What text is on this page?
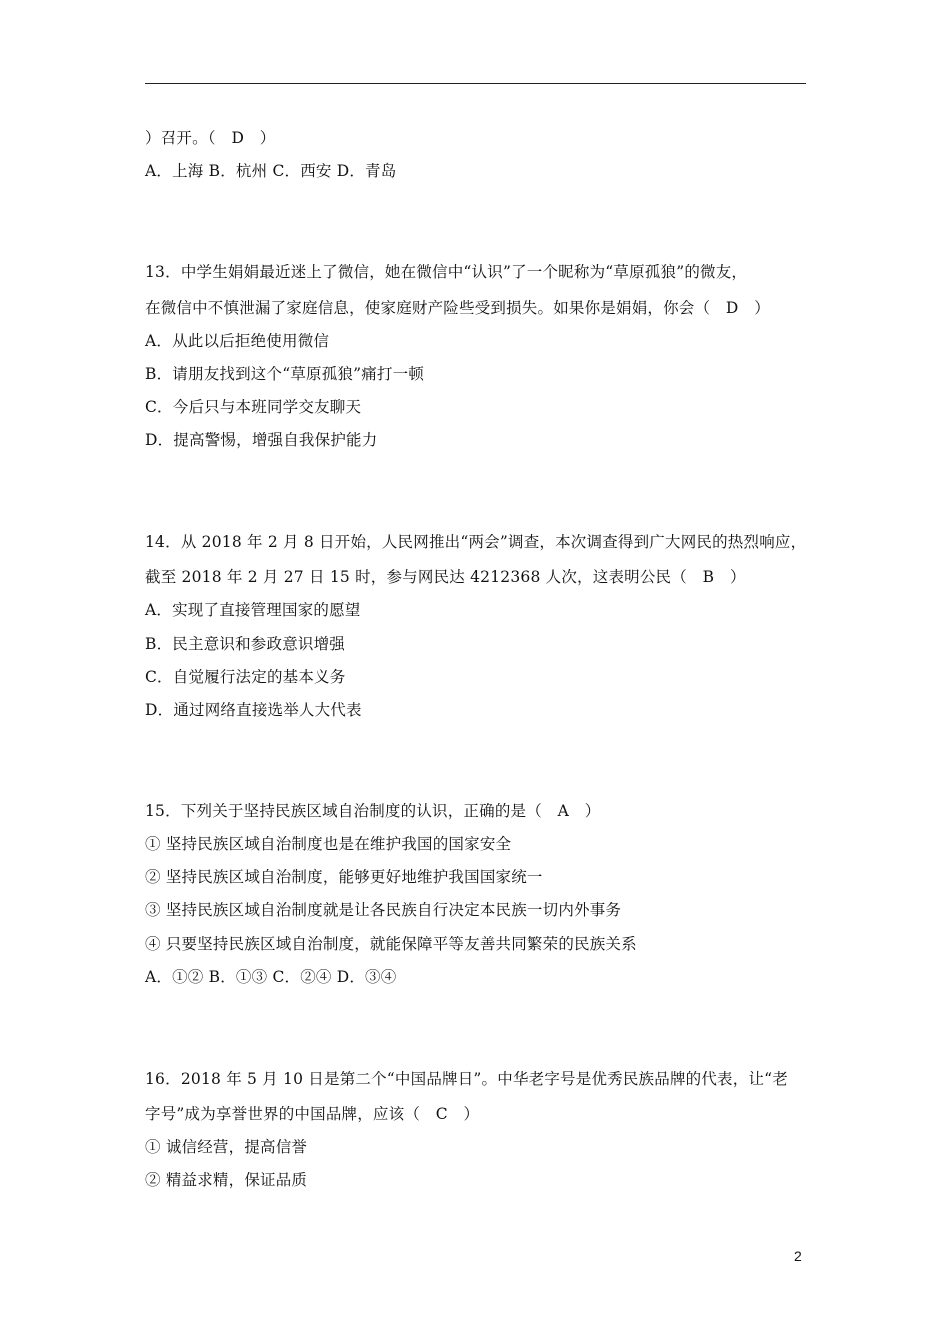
）召开。（　D　）
A．上海 B．杭州 C．西安 D．青岛
13．中学生娟娟最近迷上了微信，她在微信中“认识”了一个昵称为“草原孤狼”的微友，
在微信中不慎泄漏了家庭信息，使家庭财产险些受到损失。如果你是娟娟，你会（　D　）
A．从此以后拒绝使用微信
B．请朋友找到这个“草原孤狼”痛打一顿
C．今后只与本班同学交友聊天
D．提高警惕，增强自我保护能力
14．从 2018 年 2 月 8 日开始，人民网推出“两会”调查，本次调查得到广大网民的热烈响应，
截至 2018 年 2 月 27 日 15 时，参与网民达 4212368 人次，这表明公民（　B　）
A．实现了直接管理国家的愿望
B．民主意识和参政意识增强
C．自觉履行法定的基本义务
D．通过网络直接选举人大代表
15．下列关于坚持民族区域自治制度的认识，正确的是（　A　）
① 坚持民族区域自治制度也是在维护我国的国家安全
② 坚持民族区域自治制度，能够更好地维护我国国家统一
③ 坚持民族区域自治制度就是让各民族自行决定本民族一切内外事务
④ 只要坚持民族区域自治制度，就能保障平等友善共同繁荣的民族关系
A．①② B．①③ C．②④ D．③④
16．2018 年 5 月 10 日是第二个“中国品牌日”。中华老字号是优秀民族品牌的代表，让“老
字号”成为享誉世界的中国品牌，应该（　C　）
① 诚信经营，提高信誉
② 精益求精，保证品质
2
